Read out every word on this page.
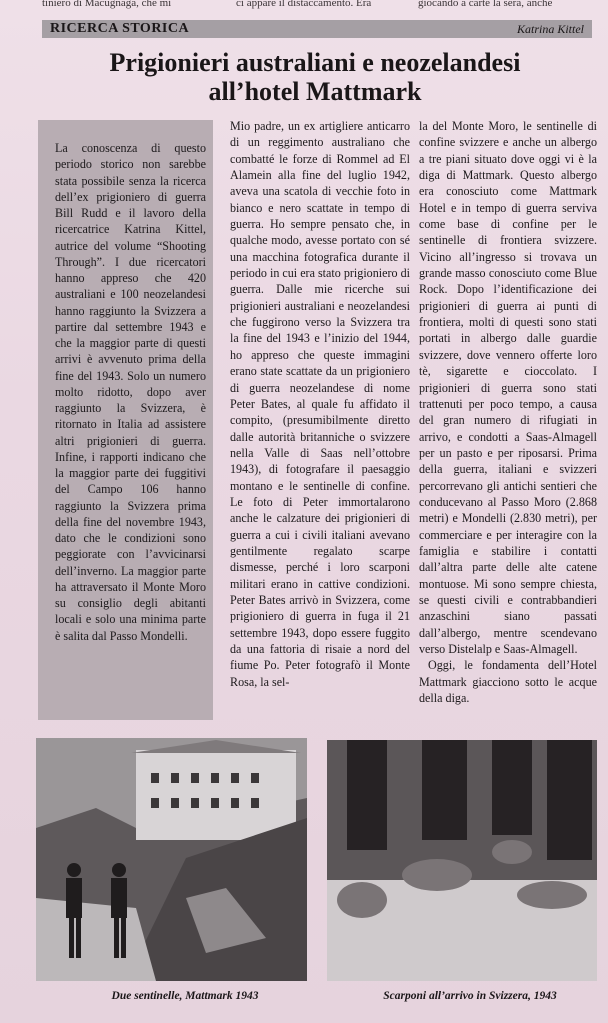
tiniero di Macugnaga, che mi	ci appare il distaccamento. Era	giocando a carte la sera, anche
RICERCA STORICA	Katrina Kittel
Prigionieri australiani e neozelandesi
all’hotel Mattmark

La conoscenza di questo periodo storico non sarebbe stata possibile senza la ricerca dell’ex prigioniero di guerra Bill Rudd e il lavoro della ricercatrice Katrina Kittel, autrice del volume “Shooting Through”. I due ricercatori hanno appreso che 420 australiani e 100 neozelandesi hanno raggiunto la Svizzera a partire dal settembre 1943 e che la maggior parte di questi arrivi è avvenuto prima della fine del 1943. Solo un numero molto ridotto, dopo aver raggiunto la Svizzera, è ritornato in Italia ad assistere altri prigionieri di guerra. Infine, i rapporti indicano che la maggior parte dei fuggitivi del Campo 106 hanno raggiunto la Svizzera prima della fine del novembre 1943, dato che le condizioni sono peggiorate con l’avvicinarsi dell’inverno. La maggior parte ha attraversato il Monte Moro su consiglio degli abitanti locali e solo una minima parte è salita dal Passo Mondelli.

Mio padre, un ex artigliere anticarro di un reggimento australiano che combatté le forze di Rommel ad El Alamein alla fine del luglio 1942, aveva una scatola di vecchie foto in bianco e nero scattate in tempo di guerra. Ho sempre pensato che, in qualche modo, avesse portato con sé una macchina fotografica durante il periodo in cui era stato prigioniero di guerra. Dalle mie ricerche sui prigionieri australiani e neozelandesi che fuggirono verso la Svizzera tra la fine del 1943 e l’inizio del 1944, ho appreso che queste immagini erano state scattate da un prigioniero di guerra neozelandese di nome Peter Bates, al quale fu affidato il compito, (presumibilmente diretto dalle autorità britanniche o svizzere nella Valle di Saas nell’ottobre 1943), di fotografare il paesaggio montano e le sentinelle di confine. Le foto di Peter immortalarono anche le calzature dei prigionieri di guerra a cui i civili italiani avevano gentilmente regalato scarpe dismesse, perché i loro scarponi militari erano in cattive condizioni. Peter Bates arrivò in Svizzera, come prigioniero di guerra in fuga il 21 settembre 1943, dopo essere fuggito da una fattoria di risaie a nord del fiume Po. Peter fotografò il Monte Rosa, la sel-

la del Monte Moro, le sentinelle di confine svizzere e anche un albergo a tre piani situato dove oggi vi è la diga di Mattmark. Questo albergo era conosciuto come Mattmark Hotel e in tempo di guerra serviva come base di confine per le sentinelle di frontiera svizzere. Vicino all’ingresso si trovava un grande masso conosciuto come Blue Rock. Dopo l’identificazione dei prigionieri di guerra ai punti di frontiera, molti di questi sono stati portati in albergo dalle guardie svizzere, dove vennero offerte loro tè, sigarette e cioccolato. I prigionieri di guerra sono stati trattenuti per poco tempo, a causa del gran numero di rifugiati in arrivo, e condotti a Saas-Almagell per un pasto e per riposarsi. Prima della guerra, italiani e svizzeri percorrevano gli antichi sentieri che conducevano al Passo Moro (2.868 metri) e Mondelli (2.830 metri), per commerciare e per interagire con la famiglia e stabilire i contatti dall’altra parte delle alte catene montuose. Mi sono sempre chiesta, se questi civili e contrabbandieri anzaschini siano passati dall’albergo, mentre scendevano verso Distelalp e Saas-Almagell.

Oggi, le fondamenta dell’Hotel Mattmark giacciono sotto le acque della diga.

Due sentinelle, Mattmark 1943	Scarponi all’arrivo in Svizzera, 1943
